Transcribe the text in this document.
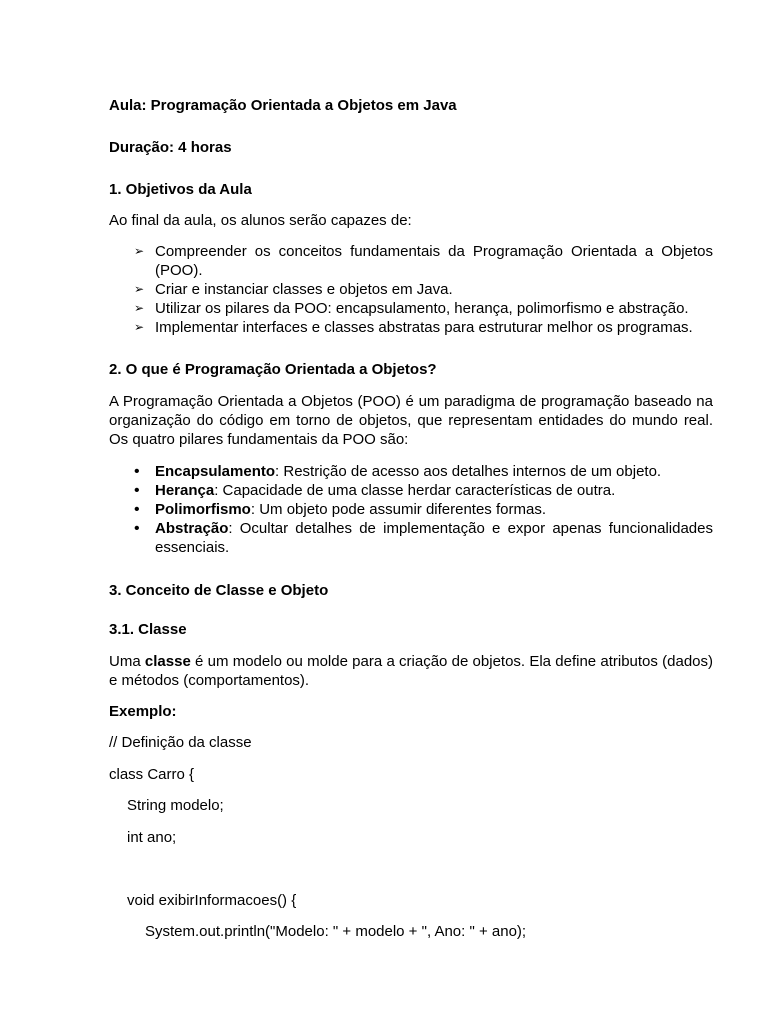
Aula: Programação Orientada a Objetos em Java

Duração: 4 horas

1. Objetivos da Aula

Ao final da aula, os alunos serão capazes de:

➢ Compreender os conceitos fundamentais da Programação Orientada a Objetos (POO).
➢ Criar e instanciar classes e objetos em Java.
➢ Utilizar os pilares da POO: encapsulamento, herança, polimorfismo e abstração.
➢ Implementar interfaces e classes abstratas para estruturar melhor os programas.

2. O que é Programação Orientada a Objetos?

A Programação Orientada a Objetos (POO) é um paradigma de programação baseado na organização do código em torno de objetos, que representam entidades do mundo real. Os quatro pilares fundamentais da POO são:

•	Encapsulamento: Restrição de acesso aos detalhes internos de um objeto.
•	Herança: Capacidade de uma classe herdar características de outra.
•	Polimorfismo: Um objeto pode assumir diferentes formas.
•	Abstração: Ocultar detalhes de implementação e expor apenas funcionalidades essenciais.

3. Conceito de Classe e Objeto

3.1. Classe

Uma classe é um modelo ou molde para a criação de objetos. Ela define atributos (dados) e métodos (comportamentos).

Exemplo:

// Definição da classe

class Carro {

String modelo;

int ano;

void exibirInformacoes() {

System.out.println("Modelo: " + modelo + ", Ano: " + ano);
